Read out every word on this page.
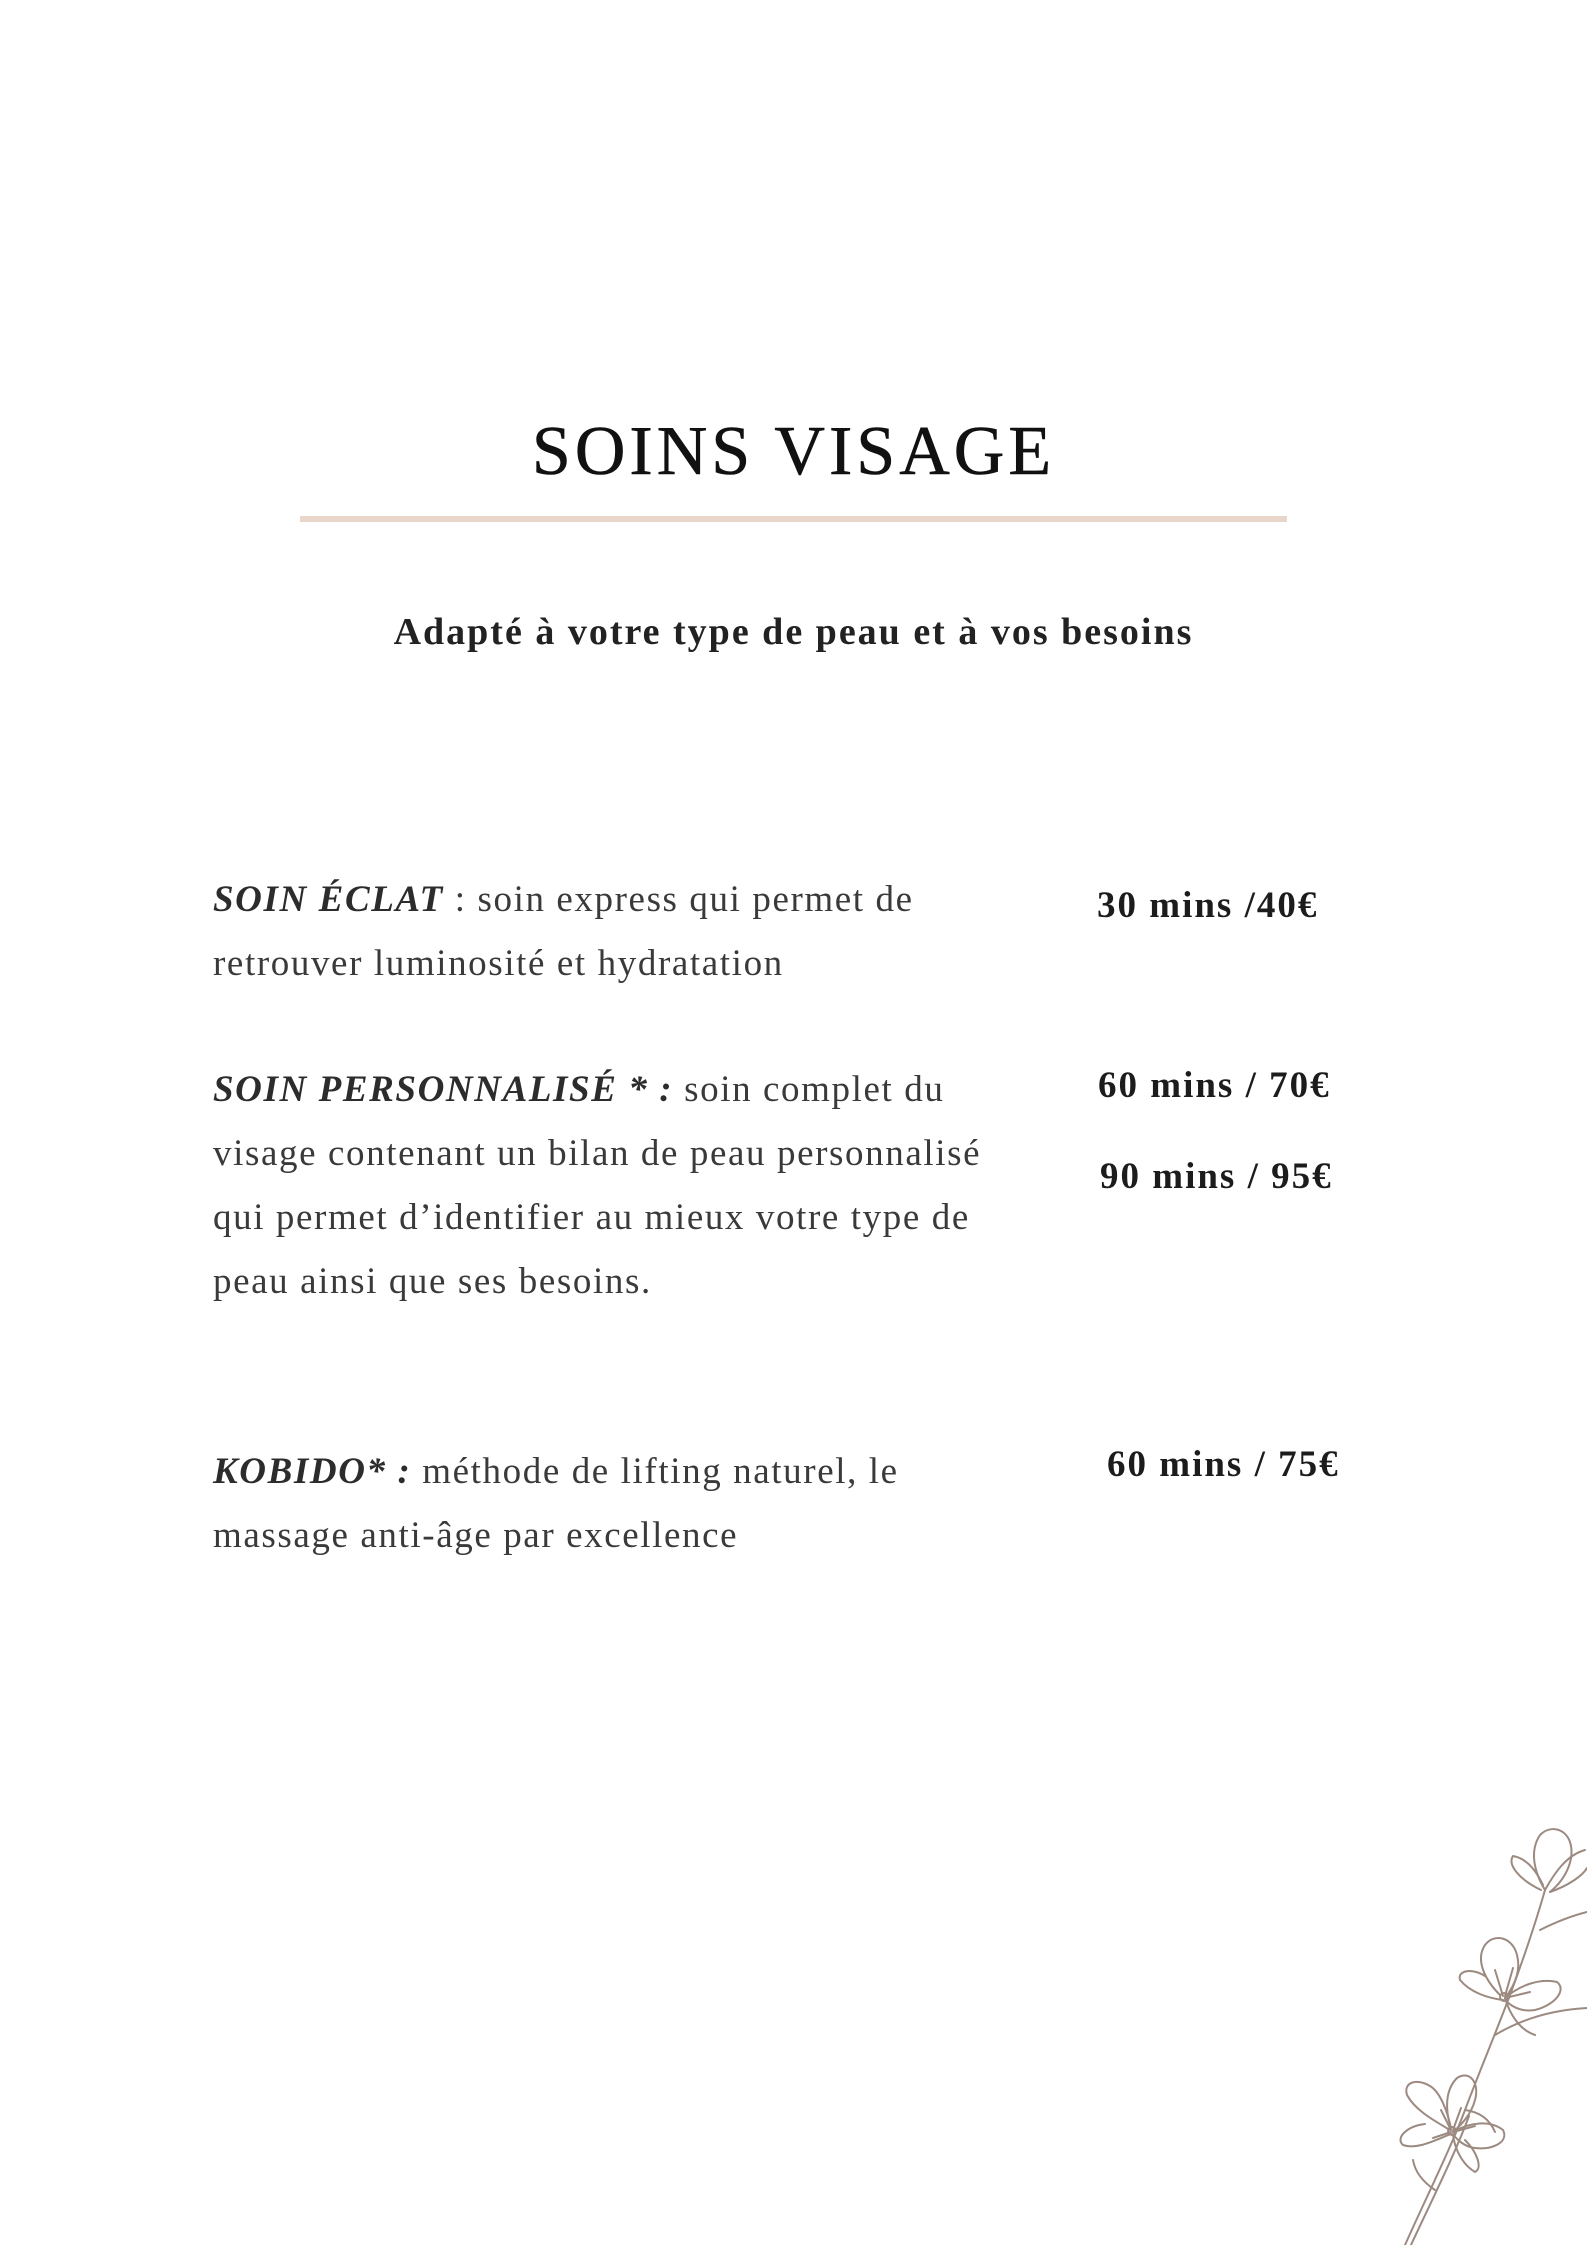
SOINS VISAGE

Adapté à votre type de peau et à vos besoins

SOIN ÉCLAT : soin express qui permet de retrouver luminosité et hydratation

30 mins /40€

SOIN PERSONNALISÉ * : soin complet du visage contenant un bilan de peau personnalisé qui permet d’identifier au mieux votre type de peau ainsi que ses besoins.

60 mins / 70€
90 mins / 95€

KOBIDO* : méthode de lifting naturel, le massage anti-âge par excellence

60 mins / 75€
